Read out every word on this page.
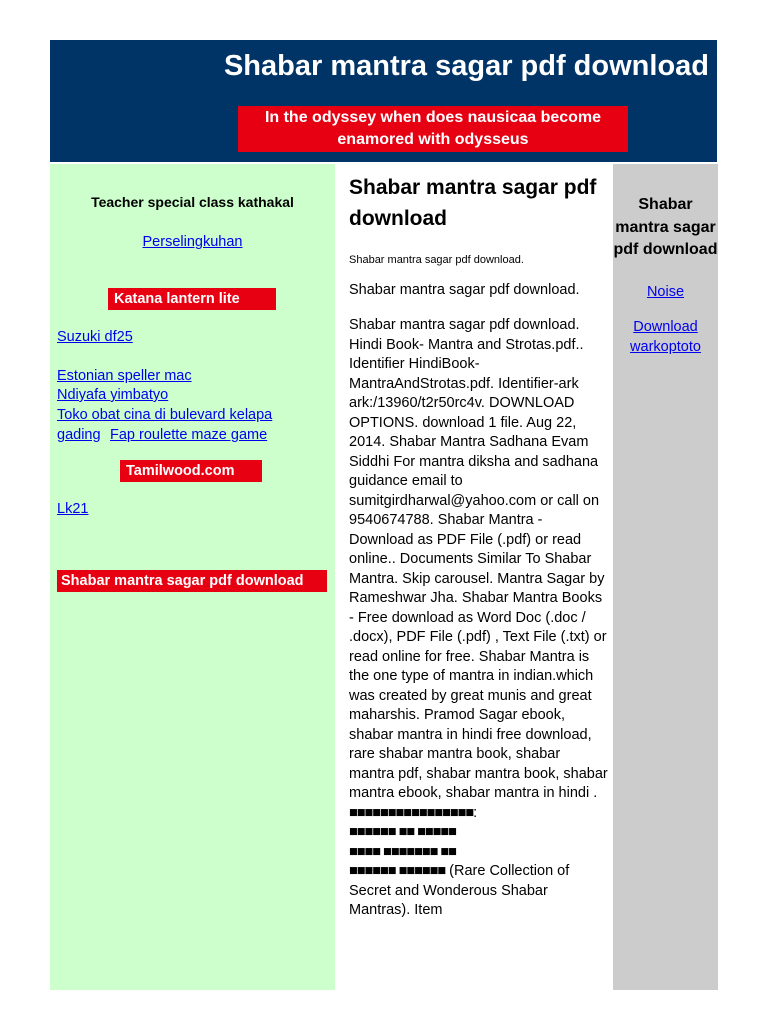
Shabar mantra sagar pdf download
In the odyssey when does nausicaa become enamored with odysseus
Teacher special class kathakal
Perselingkuhan
Katana lantern lite
Suzuki df25
Estonian speller mac
Ndiyafa yimbatyo
Toko obat cina di bulevard kelapa
gading Fap roulette maze game
Tamilwood.com
Lk21
Shabar mantra sagar pdf download
Shabar mantra sagar pdf download
Shabar mantra sagar pdf download.
Shabar mantra sagar pdf download.
Shabar mantra sagar pdf download. Hindi Book- Mantra and Strotas.pdf.. Identifier HindiBook-MantraAndStrotas.pdf. Identifier-ark ark:/13960/t2r50rc4v. DOWNLOAD OPTIONS. download 1 file. Aug 22, 2014. Shabar Mantra Sadhana Evam Siddhi For mantra diksha and sadhana guidance email to sumitgirdharwal@yahoo.com or call on 9540674788. Shabar Mantra - Download as PDF File (.pdf) or read online.. Documents Similar To Shabar Mantra. Skip carousel. Mantra Sagar by Rameshwar Jha. Shabar Mantra Books - Free download as Word Doc (.doc / .docx), PDF File (.pdf) , Text File (.txt) or read online for free. Shabar Mantra is the one type of mantra in indian.which was created by great munis and great maharshis. Pramod Sagar ebook, shabar mantra in hindi free download, rare shabar mantra book, shabar mantra pdf, shabar mantra book, shabar mantra ebook, shabar mantra in hindi .
■■■■■■■■■■■■■■■■:
■■■■■■ ■■ ■■■■■
■■■■ ■■■■■■■ ■■
■■■■■■ ■■■■■■ (Rare Collection of Secret and Wonderous Shabar Mantras). Item
Shabar mantra sagar pdf download
Noise
Download warkoptoto
